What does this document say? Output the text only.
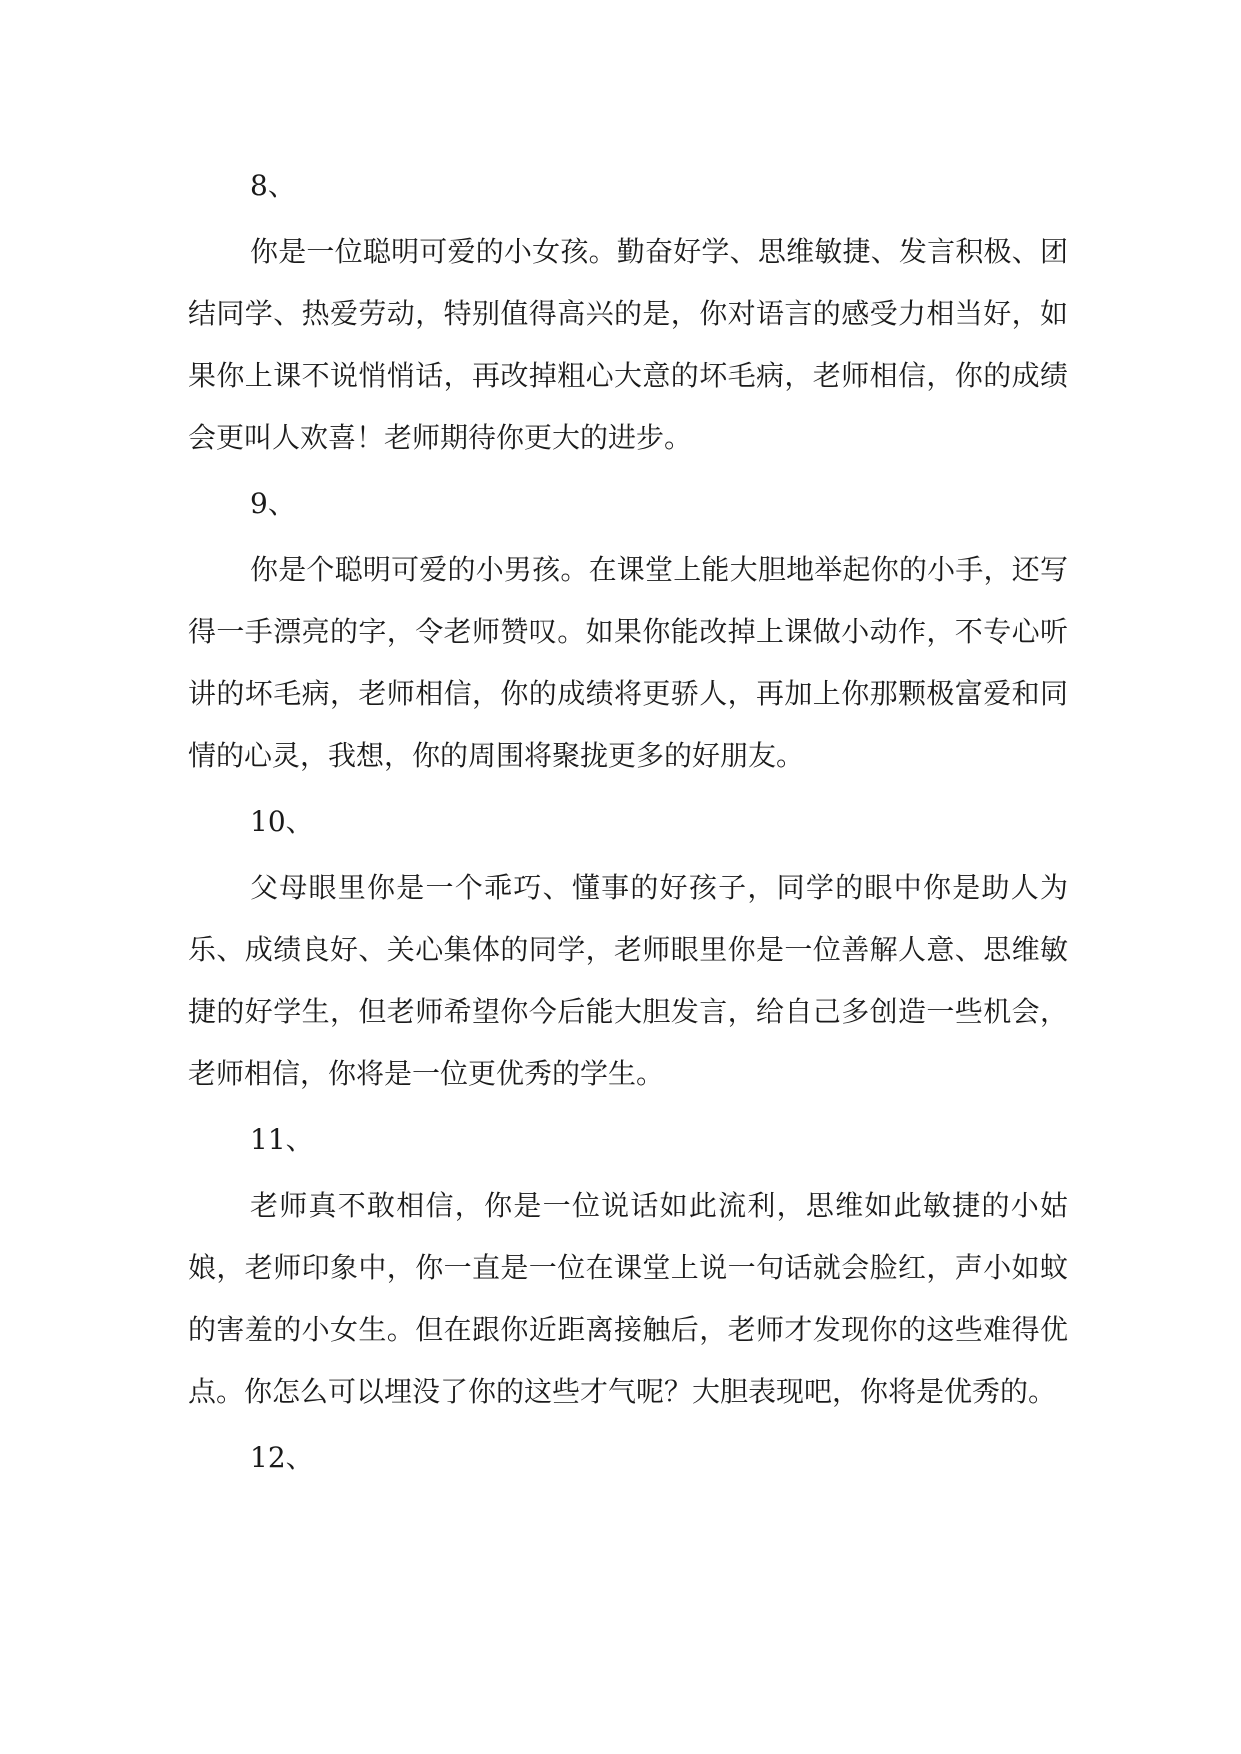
8、

你是一位聪明可爱的小女孩。勤奋好学、思维敏捷、发言积极、团结同学、热爱劳动，特别值得高兴的是，你对语言的感受力相当好，如果你上课不说悄悄话，再改掉粗心大意的坏毛病，老师相信，你的成绩会更叫人欢喜！老师期待你更大的进步。

9、

你是个聪明可爱的小男孩。在课堂上能大胆地举起你的小手，还写得一手漂亮的字，令老师赞叹。如果你能改掉上课做小动作，不专心听讲的坏毛病，老师相信，你的成绩将更骄人，再加上你那颗极富爱和同情的心灵，我想，你的周围将聚拢更多的好朋友。

10、

父母眼里你是一个乖巧、懂事的好孩子，同学的眼中你是助人为乐、成绩良好、关心集体的同学，老师眼里你是一位善解人意、思维敏捷的好学生，但老师希望你今后能大胆发言，给自己多创造一些机会，老师相信，你将是一位更优秀的学生。

11、

老师真不敢相信，你是一位说话如此流利，思维如此敏捷的小姑娘，老师印象中，你一直是一位在课堂上说一句话就会脸红，声小如蚊的害羞的小女生。但在跟你近距离接触后，老师才发现你的这些难得优点。你怎么可以埋没了你的这些才气呢？大胆表现吧，你将是优秀的。

12、
